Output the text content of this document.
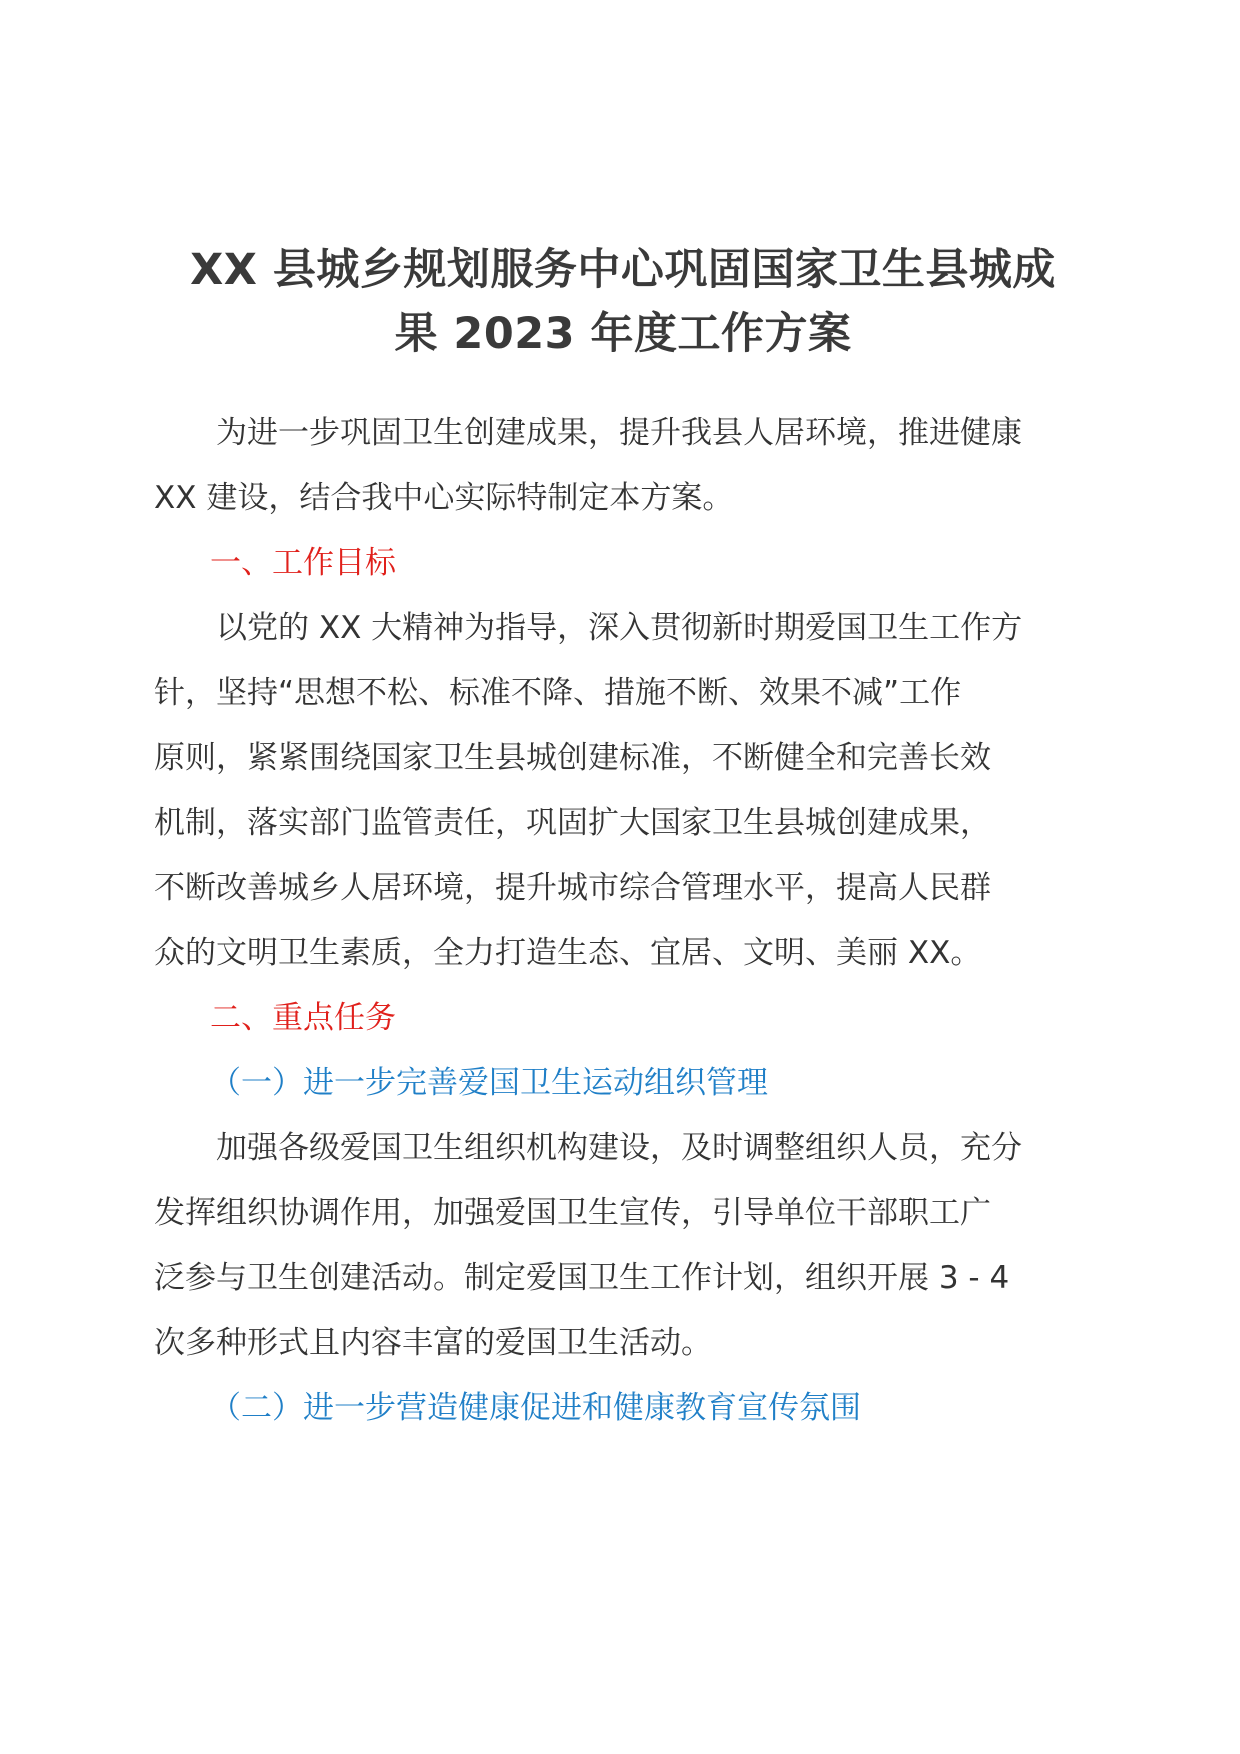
XX 县城乡规划服务中心巩固国家卫生县城成
果 2023 年度工作方案

为进一步巩固卫生创建成果，提升我县人居环境，推进健康
XX 建设，结合我中心实际特制定本方案。

一、工作目标

以党的 XX 大精神为指导，深入贯彻新时期爱国卫生工作方
针，坚持“思想不松、标准不降、措施不断、效果不减”工作
原则，紧紧围绕国家卫生县城创建标准，不断健全和完善长效
机制，落实部门监管责任，巩固扩大国家卫生县城创建成果，
不断改善城乡人居环境，提升城市综合管理水平，提高人民群
众的文明卫生素质，全力打造生态、宜居、文明、美丽 XX。

二、重点任务

（一）进一步完善爱国卫生运动组织管理

加强各级爱国卫生组织机构建设，及时调整组织人员，充分
发挥组织协调作用，加强爱国卫生宣传，引导单位干部职工广
泛参与卫生创建活动。制定爱国卫生工作计划，组织开展 3 - 4
次多种形式且内容丰富的爱国卫生活动。

（二）进一步营造健康促进和健康教育宣传氛围
